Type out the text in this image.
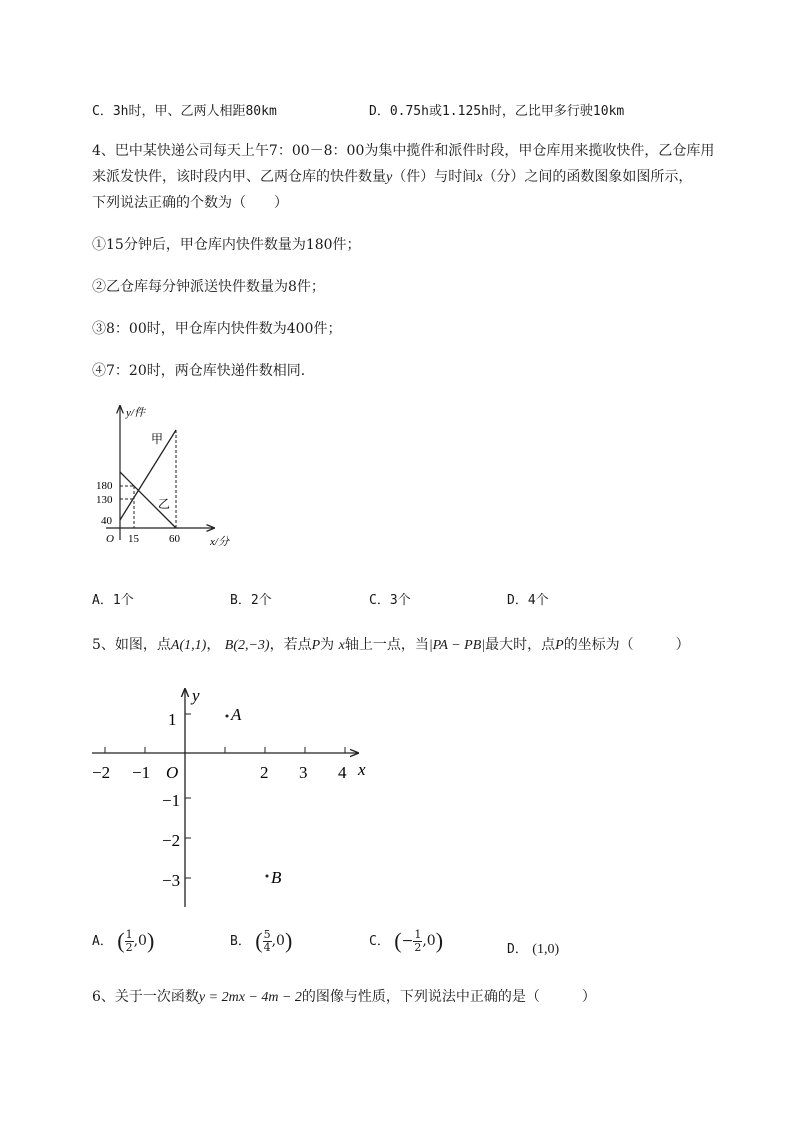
C．3h时，甲、乙两人相距80km	D．0.75h或1.125h时，乙比甲多行驶10km
4、巴中某快递公司每天上午7：00－8：00为集中揽件和派件时段，甲仓库用来揽收快件，乙仓库用
来派发快件，该时段内甲、乙两仓库的快件数量y（件）与时间x（分）之间的函数图象如图所示，
下列说法正确的个数为（　　）
①15分钟后，甲仓库内快件数量为180件；
②乙仓库每分钟派送快件数量为8件；
③8：00时，甲仓库内快件数为400件；
④7：20时，两仓库快递件数相同．
y/件
x/分
O
180
130
40
15	60
甲
乙
A．1个	B．2个	C．3个	D．4个
5、如图，点A(1,1)， B(2,−3)，若点P为 x轴上一点，当|PA − PB|最大时，点P的坐标为（　　　）
y
x
O
−2 −1	2 3 4
1
−1
−2
−3
A
B
A． ( $\frac{1}{2} ,0$)	B． ( $\frac{5}{4} ,0$)	C． (− $\frac{1}{2} ,0$)	D． (1,0)
6、关于一次函数y = 2mx − 4m − 2的图像与性质，下列说法中正确的是（　　　）
